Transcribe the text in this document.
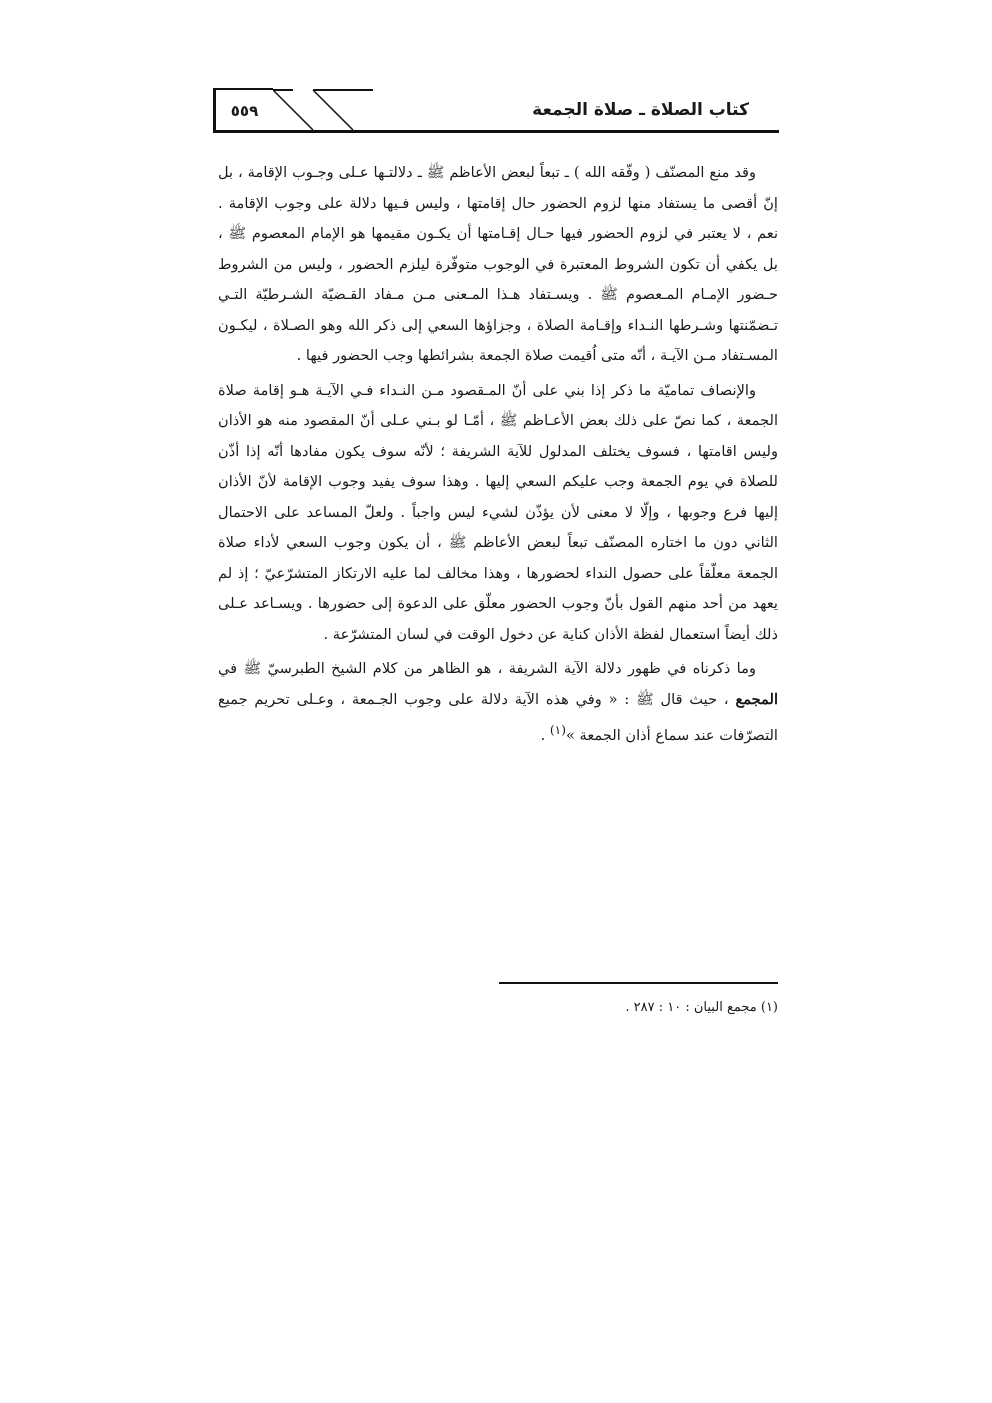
٥٥٩	كتاب الصلاة ـ صلاة الجمعة

وقد منع المصنّف ( وفّقه الله ) ـ تبعاً لبعض الأعاظم ﷺ ـ دلالتـها عـلى وجـوب الإقامة ، بل إنّ أقصى ما يستفاد منها لزوم الحضور حال إقامتها ، وليس فـيها دلالة على وجوب الإقامة . نعم ، لا يعتبر في لزوم الحضور فيها حـال إقـامتها أن يكـون مقيمها هو الإمام المعصوم ﷺ ، بل يكفي أن تكون الشروط المعتبرة في الوجوب متوفّرة ليلزم الحضور ، وليس من الشروط حـضور الإمـام المـعصوم ﷺ . ويسـتفاد هـذا المـعنى مـن مـفاد القـضيّة الشـرطيّة التـي تـضمّنتها وشـرطها النـداء وإقـامة الصلاة ، وجزاؤها السعي إلى ذكر الله وهو الصـلاة ، ليكـون المسـتفاد مـن الآيـة ، أنّه متى اُقيمت صلاة الجمعة بشرائطها وجب الحضور فيها .

والإنصاف تماميّة ما ذكر إذا بني على أنّ المـقصود مـن النـداء فـي الآيـة هـو إقامة صلاة الجمعة ، كما نصّ على ذلك بعض الأعـاظم ﷺ ، أمّـا لو بـني عـلى أنّ المقصود منه هو الأذان وليس اقامتها ، فسوف يختلف المدلول للآية الشريفة ؛ لأنّه سوف يكون مفادها أنّه إذا أذّن للصلاة في يوم الجمعة وجب عليكم السعي إليها . وهذا سوف يفيد وجوب الإقامة لأنّ الأذان إليها فرع وجوبها ، وإلّا لا معنى لأن يؤذّن لشيء ليس واجباً . ولعلّ المساعد على الاحتمال الثاني دون ما اختاره المصنّف تبعاً لبعض الأعاظم ﷺ ، أن يكون وجوب السعي لأداء صلاة الجمعة معلّقاً على حصول النداء لحضورها ، وهذا مخالف لما عليه الارتكاز المتشرّعيّ ؛ إذ لم يعهد من أحد منهم القول بأنّ وجوب الحضور معلّق على الدعوة إلى حضورها . ويسـاعد عـلى ذلك أيضاً استعمال لفظة الأذان كناية عن دخول الوقت في لسان المتشرّعة .

وما ذكرناه في ظهور دلالة الآية الشريفة ، هو الظاهر من كلام الشيخ الطبرسيّ ﷺ في المجمع ، حيث قال ﷺ : « وفي هذه الآية دلالة على وجوب الجـمعة ، وعـلى تحريم جميع التصرّفات عند سماع أذان الجمعة »$^{(١)}$ .

(١) مجمع البيان : ١٠ : ٢٨٧ .
